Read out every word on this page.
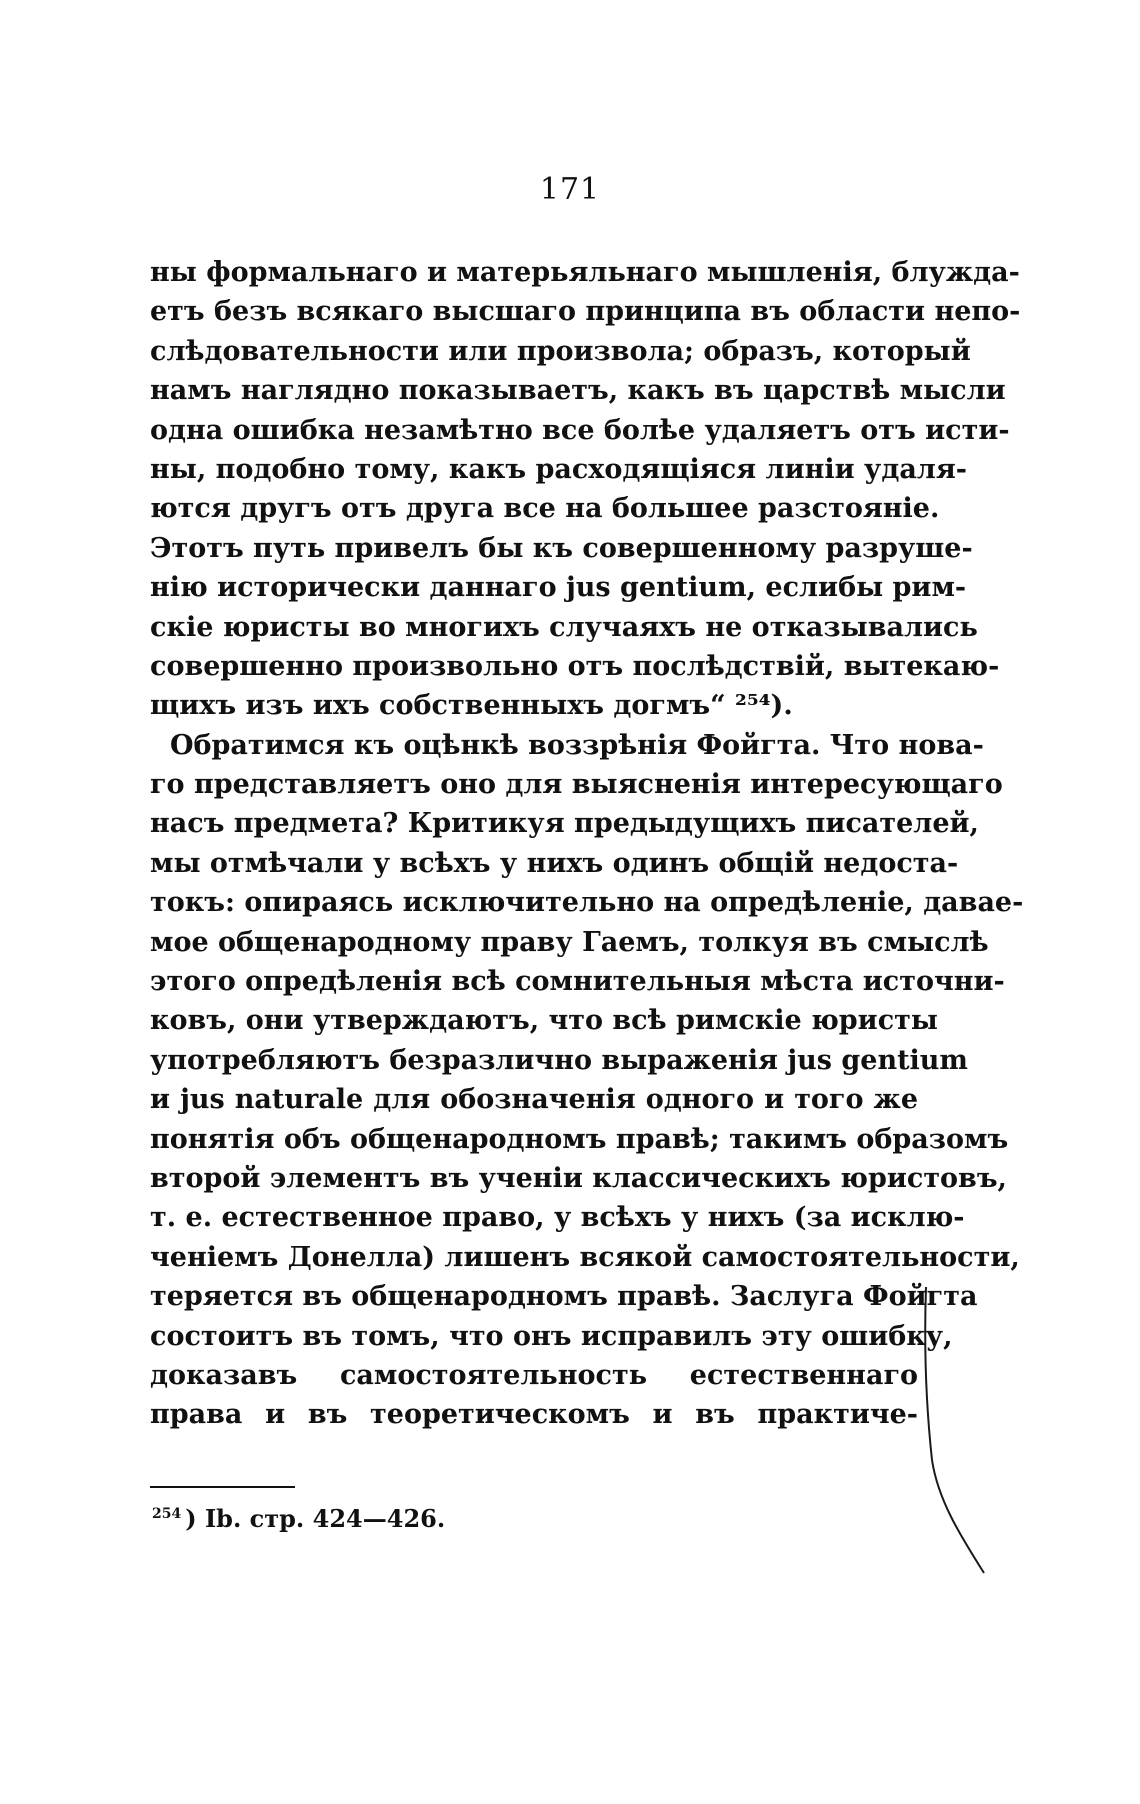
171
ны формальнаго и матерьяльнаго мышленія, блужда-
етъ безъ всякаго высшаго принципа въ области непо-
слѣдовательности или произвола; образъ, который
намъ наглядно показываетъ, какъ въ царствѣ мысли
одна ошибка незамѣтно все болѣе удаляетъ отъ исти-
ны, подобно тому, какъ расходящіяся линіи удаля-
ются другъ отъ друга все на большее разстояніе.
Этотъ путь привелъ бы къ совершенному разруше-
нію исторически даннаго jus gentium, еслибы рим-
скіе юристы во многихъ случаяхъ не отказывались
совершенно произвольно отъ послѣдствій, вытекаю-
щихъ изъ ихъ собственныхъ догмъ“ ²⁵⁴).
Обратимся къ оцѣнкѣ воззрѣнія Фойгта. Что нова-
го представляетъ оно для выясненія интересующаго
насъ предмета? Критикуя предыдущихъ писателей,
мы отмѣчали у всѣхъ у нихъ одинъ общій недоста-
токъ: опираясь исключительно на опредѣленіе, давае-
мое общенародному праву Гаемъ, толкуя въ смыслѣ
этого опредѣленія всѣ сомнительныя мѣста источни-
ковъ, они утверждаютъ, что всѣ римскіе юристы
употребляютъ безразлично выраженія jus gentium
и jus naturale для обозначенія одного и того же
понятія объ общенародномъ правѣ; такимъ образомъ
второй элементъ въ ученіи классическихъ юристовъ,
т. е. естественное право, у всѣхъ у нихъ (за исклю-
ченіемъ Донелла) лишенъ всякой самостоятельности,
теряется въ общенародномъ правѣ. Заслуга Фойгта
состоитъ въ томъ, что онъ исправилъ эту ошибку,
доказавъ самостоятельность естественнаго
права и въ теоретическомъ и въ практиче-
$^{254}$ ) Ib. стр. 424—426.
